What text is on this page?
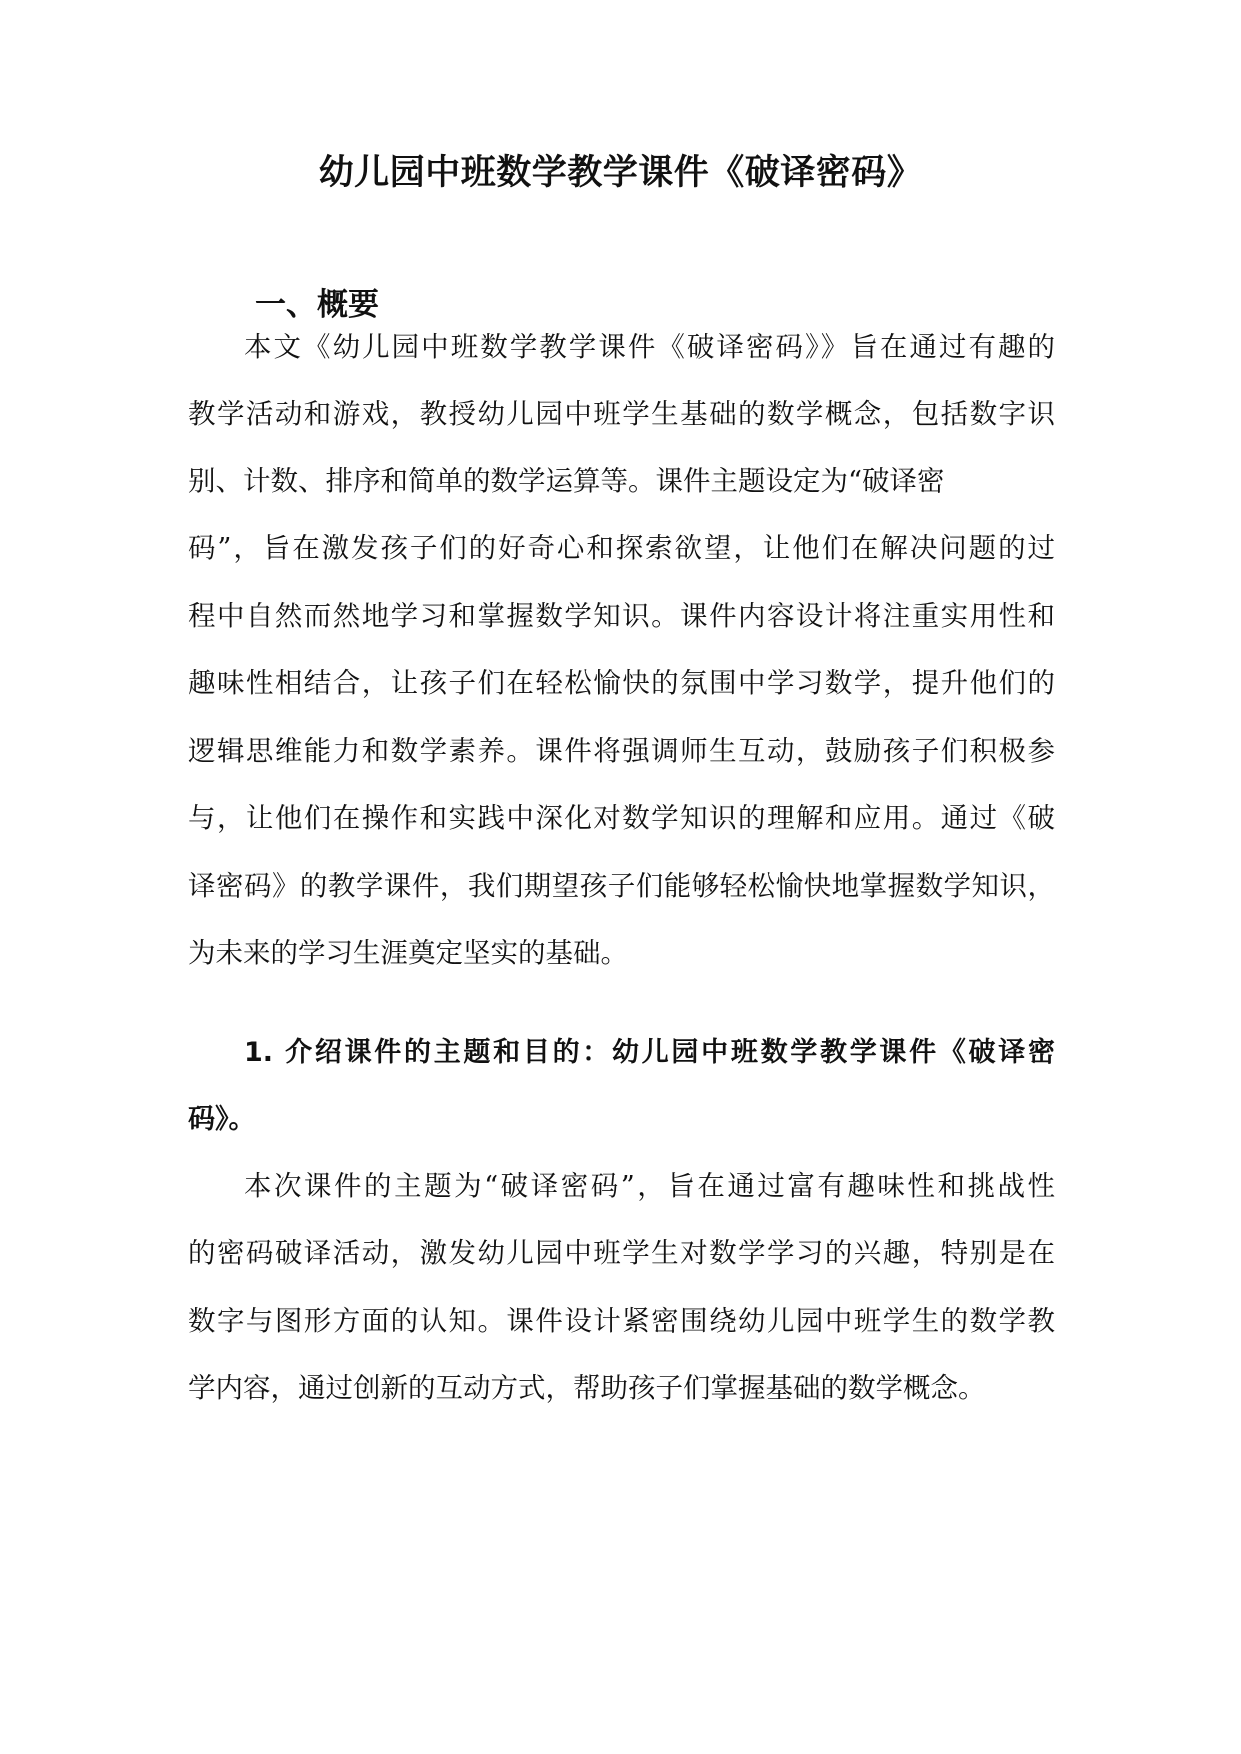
幼儿园中班数学教学课件《破译密码》
一、概要
本文《幼儿园中班数学教学课件《破译密码》》旨在通过有趣的
教学活动和游戏，教授幼儿园中班学生基础的数学概念，包括数字识
别、计数、排序和简单的数学运算等。课件主题设定为“破译密
码”，旨在激发孩子们的好奇心和探索欲望，让他们在解决问题的过
程中自然而然地学习和掌握数学知识。课件内容设计将注重实用性和
趣味性相结合，让孩子们在轻松愉快的氛围中学习数学，提升他们的
逻辑思维能力和数学素养。课件将强调师生互动，鼓励孩子们积极参
与，让他们在操作和实践中深化对数学知识的理解和应用。通过《破
译密码》的教学课件，我们期望孩子们能够轻松愉快地掌握数学知识，
为未来的学习生涯奠定坚实的基础。
1. 介绍课件的主题和目的：幼儿园中班数学教学课件《破译密
码》。
本次课件的主题为“破译密码”，旨在通过富有趣味性和挑战性
的密码破译活动，激发幼儿园中班学生对数学学习的兴趣，特别是在
数字与图形方面的认知。课件设计紧密围绕幼儿园中班学生的数学教
学内容，通过创新的互动方式，帮助孩子们掌握基础的数学概念。
